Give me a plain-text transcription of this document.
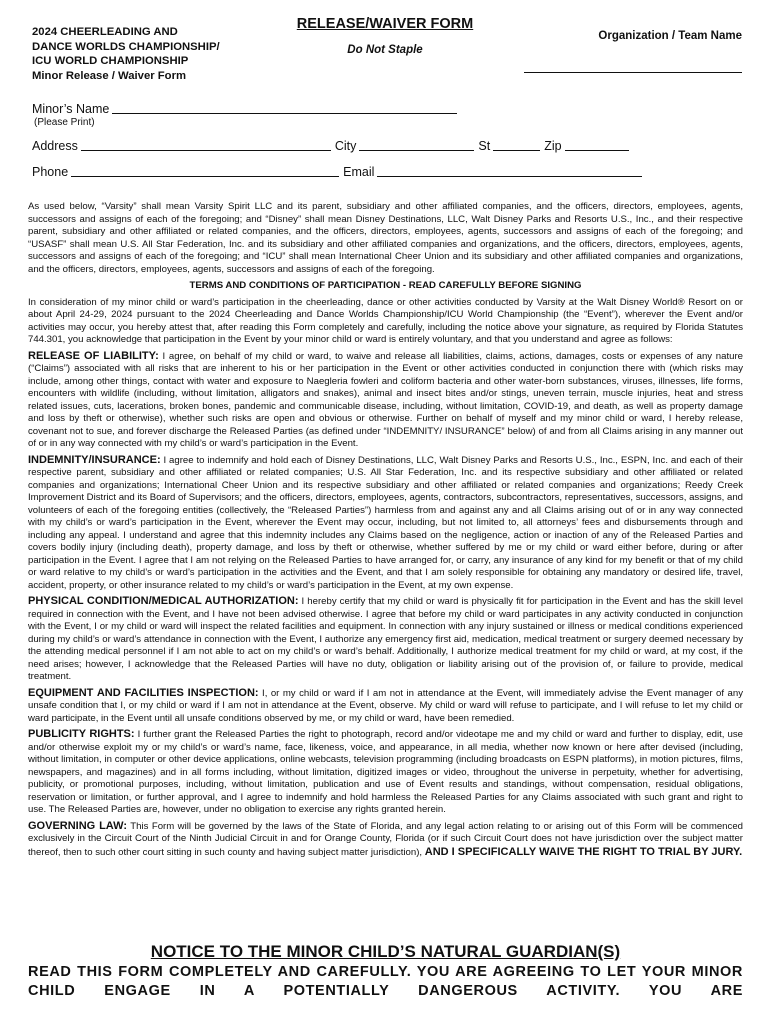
2024 CHEERLEADING AND
DANCE WORLDS CHAMPIONSHIP/
ICU WORLD CHAMPIONSHIP
Minor Release / Waiver Form
RELEASE/WAIVER FORM
Do Not Staple
Organization / Team Name
Minor’s Name
(Please Print)
Address	City	St	Zip
Phone	Email

As used below, “Varsity” shall mean Varsity Spirit LLC and its parent, subsidiary and other affiliated companies, and the officers, directors, employees, agents, successors and assigns of each of the foregoing; and “Disney” shall mean Disney Destinations, LLC, Walt Disney Parks and Resorts U.S., Inc., and their respective parent, subsidiary and other affiliated or related companies, and the officers, directors, employees, agents, successors and assigns of each of the foregoing; and “USASF” shall mean U.S. All Star Federation, Inc. and its subsidiary and other affiliated companies and organizations, and the officers, directors, employees, agents, successors and assigns of each of the foregoing; and “ICU” shall mean International Cheer Union and its subsidiary and other affiliated companies and organizations, and the officers, directors, employees, agents, successors and assigns of each of the foregoing.

TERMS AND CONDITIONS OF PARTICIPATION - READ CAREFULLY BEFORE SIGNING

In consideration of my minor child or ward’s participation in the cheerleading, dance or other activities conducted by Varsity at the Walt Disney World® Resort on or about April 24-29, 2024 pursuant to the 2024 Cheerleading and Dance Worlds Championship/ICU World Championship (the “Event”), wherever the Event and/or activities may occur, you hereby attest that, after reading this Form completely and carefully, including the notice above your signature, as required by Florida Statutes 744.301, you acknowledge that participation in the Event by your minor child or ward is entirely voluntary, and that you understand and agree as follows:

RELEASE OF LIABILITY: I agree, on behalf of my child or ward, to waive and release all liabilities, claims, actions, damages, costs or expenses of any nature (“Claims”) associated with all risks that are inherent to his or her participation in the Event or other activities conducted in conjunction there with (which risks may include, among other things, contact with water and exposure to Naegleria fowleri and coliform bacteria and other water-born substances, viruses, illnesses, life forms, encounters with wildlife (including, without limitation, alligators and snakes), animal and insect bites and/or stings, uneven terrain, muscle injuries, heat and stress related issues, cuts, lacerations, broken bones, pandemic and communicable disease, including, without limitation, COVID-19, and death, as well as property damage and loss by theft or otherwise), whether such risks are open and obvious or otherwise. Further on behalf of myself and my minor child or ward, I hereby release, covenant not to sue, and forever discharge the Released Parties (as defined under “INDEMNITY/ INSURANCE” below) of and from all Claims arising in any manner out of or in any way connected with my child’s or ward’s participation in the Event.

INDEMNITY/INSURANCE: I agree to indemnify and hold each of Disney Destinations, LLC, Walt Disney Parks and Resorts U.S., Inc., ESPN, Inc. and each of their respective parent, subsidiary and other affiliated or related companies; U.S. All Star Federation, Inc. and its respective subsidiary and other affiliated or related companies and organizations; International Cheer Union and its respective subsidiary and other affiliated or related companies and organizations; Reedy Creek Improvement District and its Board of Supervisors; and the officers, directors, employees, agents, contractors, subcontractors, representatives, successors, assigns, and volunteers of each of the foregoing entities (collectively, the “Released Parties”) harmless from and against any and all Claims arising out of or in any way connected with my child’s or ward’s participation in the Event, wherever the Event may occur, including, but not limited to, all attorneys’ fees and disbursements through and including any appeal. I understand and agree that this indemnity includes any Claims based on the negligence, action or inaction of any of the Released Parties and covers bodily injury (including death), property damage, and loss by theft or otherwise, whether suffered by me or my child or ward either before, during or after participation in the Event. I agree that I am not relying on the Released Parties to have arranged for, or carry, any insurance of any kind for my benefit or that of my child or ward relative to my child’s or ward’s participation in the activities and the Event, and that I am solely responsible for obtaining any mandatory or desired life, travel, accident, property, or other insurance related to my child’s or ward’s participation in the Event, at my own expense.

PHYSICAL CONDITION/MEDICAL AUTHORIZATION: I hereby certify that my child or ward is physically fit for participation in the Event and has the skill level required in connection with the Event, and I have not been advised otherwise. I agree that before my child or ward participates in any activity conducted in conjunction with the Event, I or my child or ward will inspect the related facilities and equipment. In connection with any injury sustained or illness or medical conditions experienced during my child’s or ward’s attendance in connection with the Event, I authorize any emergency first aid, medication, medical treatment or surgery deemed necessary by the attending medical personnel if I am not able to act on my child’s or ward’s behalf. Additionally, I authorize medical treatment for my child or ward, at my cost, if the need arises; however, I acknowledge that the Released Parties will have no duty, obligation or liability arising out of the provision of, or failure to provide, medical treatment.

EQUIPMENT AND FACILITIES INSPECTION: I, or my child or ward if I am not in attendance at the Event, will immediately advise the Event manager of any unsafe condition that I, or my child or ward if I am not in attendance at the Event, observe. My child or ward will refuse to participate, and I will refuse to let my child or ward participate, in the Event until all unsafe conditions observed by me, or my child or ward, have been remedied.

PUBLICITY RIGHTS: I further grant the Released Parties the right to photograph, record and/or videotape me and my child or ward and further to display, edit, use and/or otherwise exploit my or my child’s or ward’s name, face, likeness, voice, and appearance, in all media, whether now known or here after devised (including, without limitation, in computer or other device applications, online webcasts, television programming (including broadcasts on ESPN platforms), in motion pictures, films, newspapers, and magazines) and in all forms including, without limitation, digitized images or video, throughout the universe in perpetuity, whether for advertising, publicity, or promotional purposes, including, without limitation, publication and use of Event results and standings, without compensation, residual obligations, reservation or limitation, or further approval, and I agree to indemnify and hold harmless the Released Parties for any Claims associated with such grant and right to use. The Released Parties are, however, under no obligation to exercise any rights granted herein.

GOVERNING LAW: This Form will be governed by the laws of the State of Florida, and any legal action relating to or arising out of this Form will be commenced exclusively in the Circuit Court of the Ninth Judicial Circuit in and for Orange County, Florida (or if such Circuit Court does not have jurisdiction over the subject matter thereof, then to such other court sitting in such county and having subject matter jurisdiction), AND I SPECIFICALLY WAIVE THE RIGHT TO TRIAL BY JURY.

NOTICE TO THE MINOR CHILD’S NATURAL GUARDIAN(S)
READ THIS FORM COMPLETELY AND CAREFULLY. YOU ARE AGREEING TO LET YOUR MINOR CHILD ENGAGE IN A POTENTIALLY DANGEROUS ACTIVITY. YOU ARE
